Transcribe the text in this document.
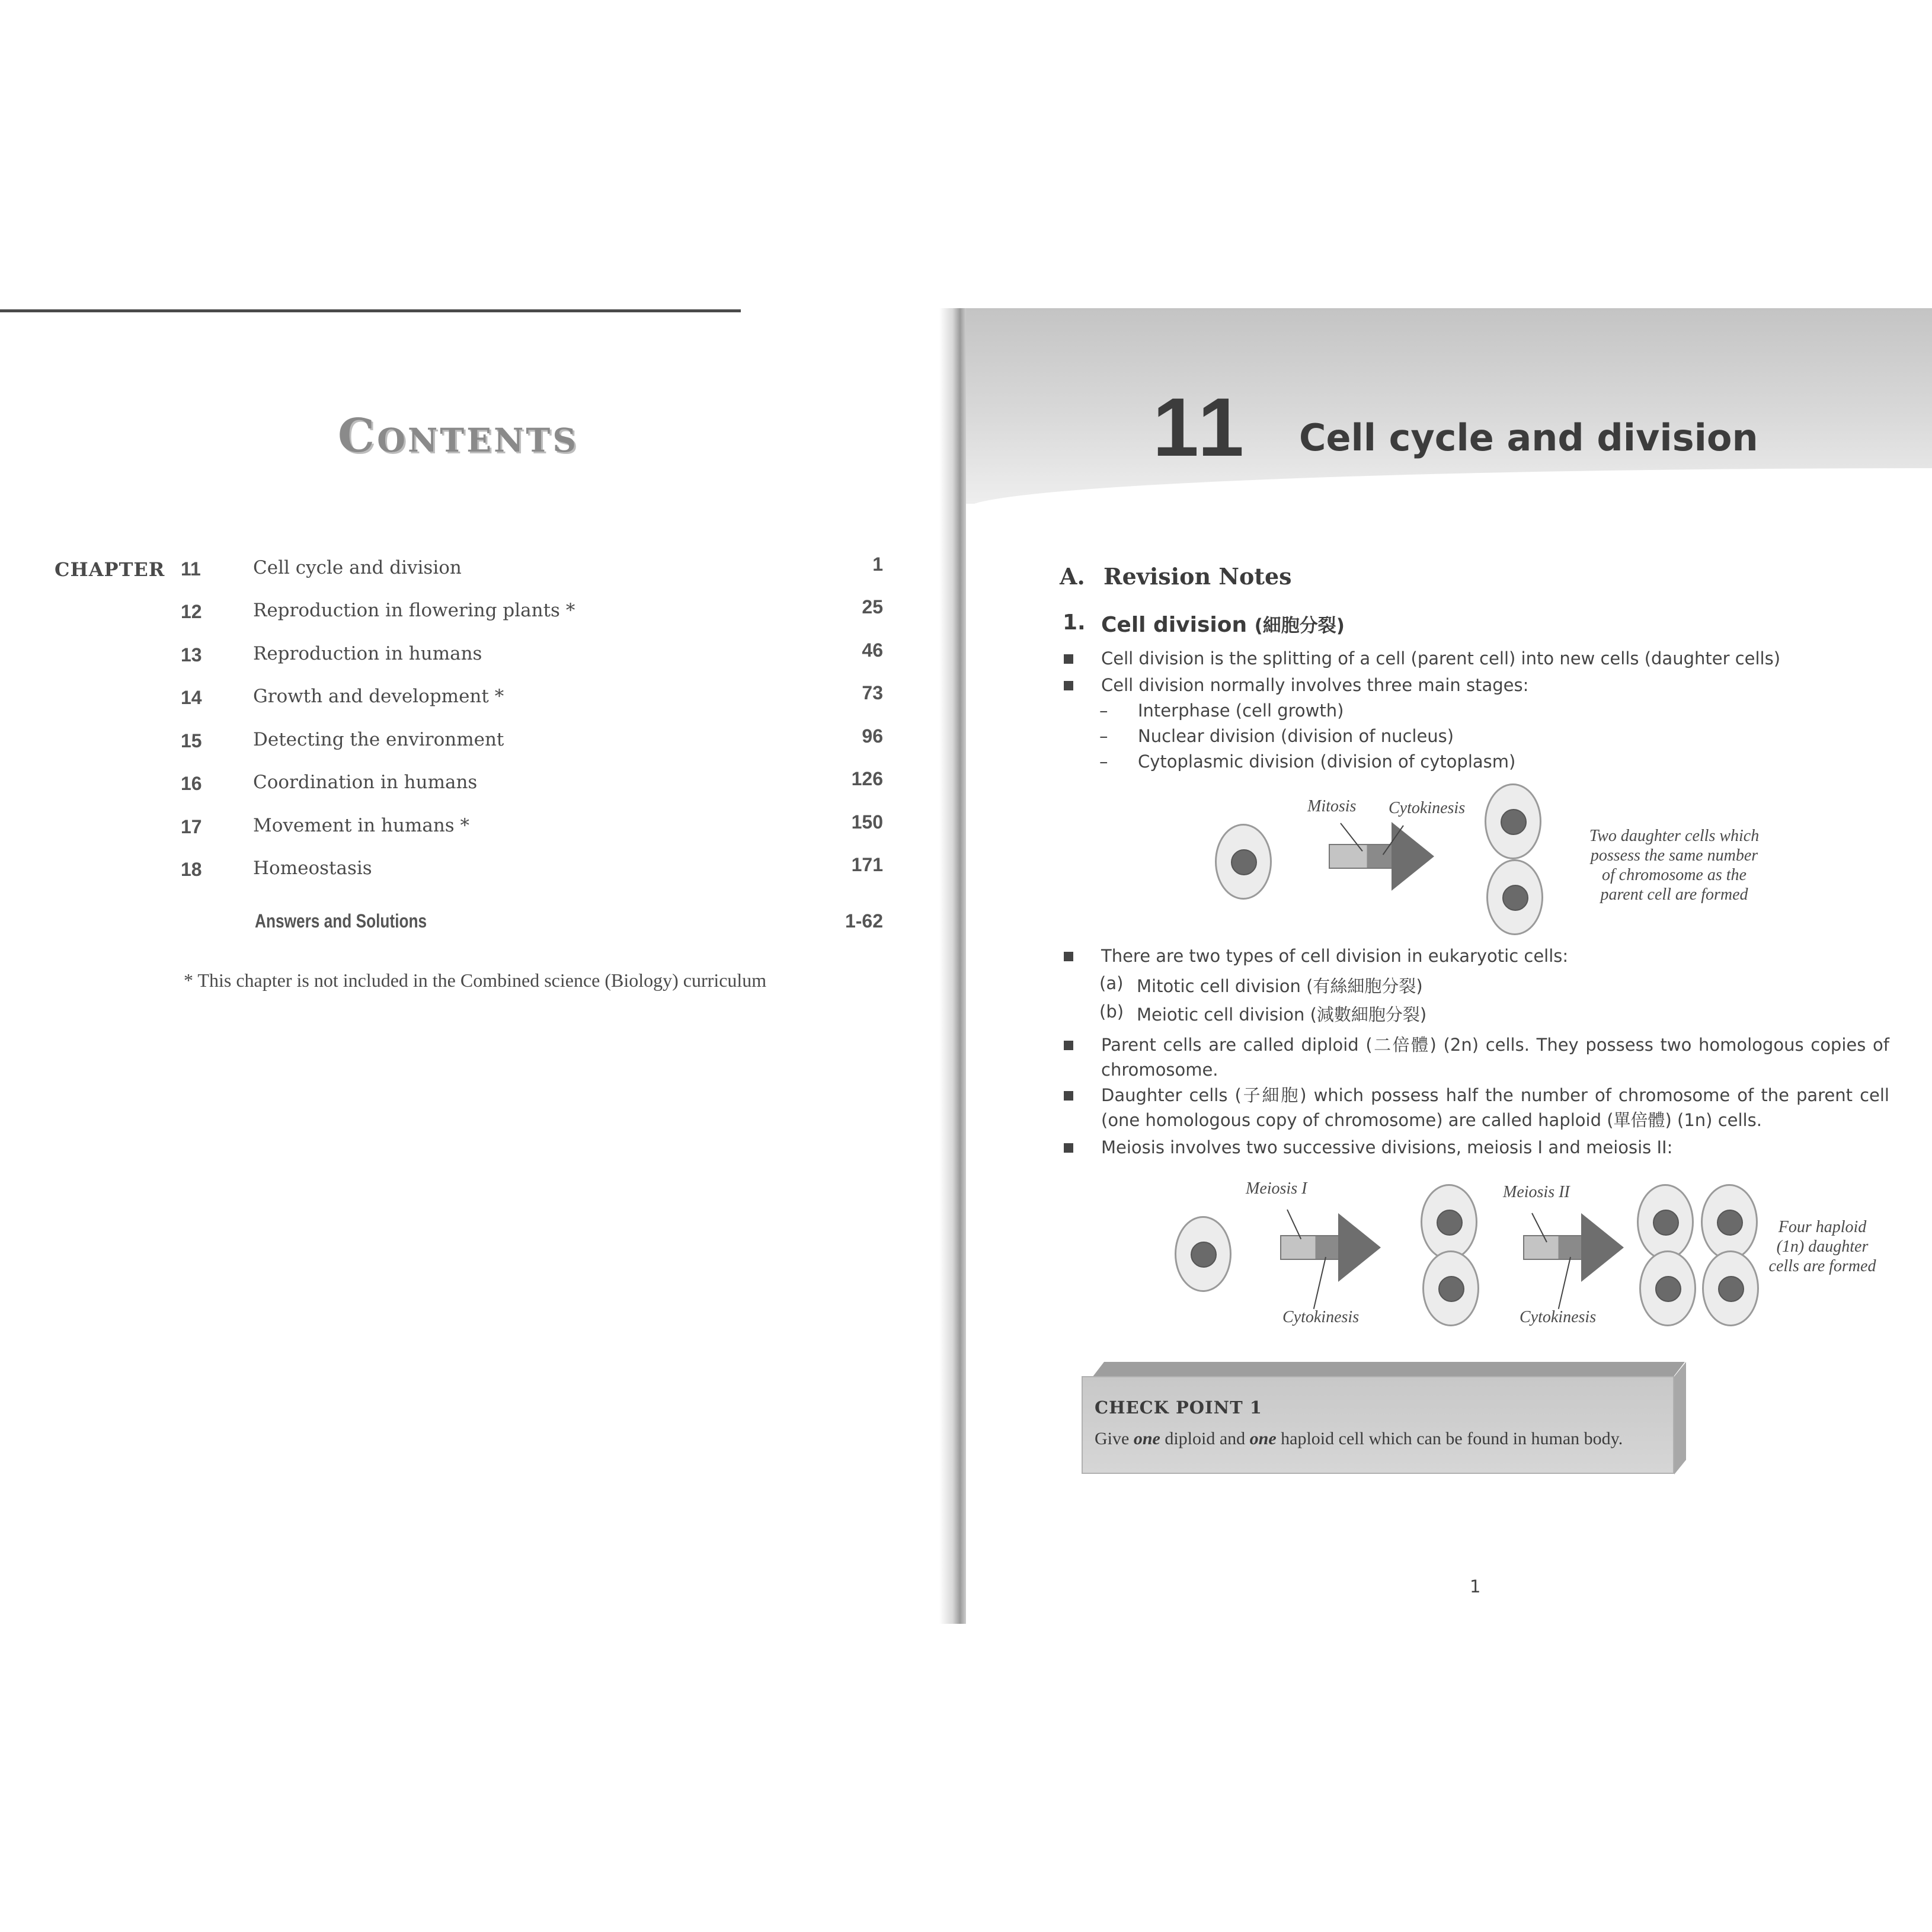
Contents
CHAPTER 11	Cell cycle and division	1
12	Reproduction in flowering plants *	25
13	Reproduction in humans	46
14	Growth and development *	73
15	Detecting the environment	96
16	Coordination in humans	126
17	Movement in humans *	150
18	Homeostasis	171
Answers and Solutions	1-62
* This chapter is not included in the Combined science (Biology) curriculum
11 Cell cycle and division
A. Revision Notes
1. Cell division (細胞分裂)
Cell division is the splitting of a cell (parent cell) into new cells (daughter cells)
Cell division normally involves three main stages:
– Interphase (cell growth)
– Nuclear division (division of nucleus)
– Cytoplasmic division (division of cytoplasm)
Mitosis Cytokinesis
Two daughter cells which
possess the same number
of chromosome as the
parent cell are formed
There are two types of cell division in eukaryotic cells:
(a) Mitotic cell division (有絲細胞分裂)
(b) Meiotic cell division (減數細胞分裂)
Parent cells are called diploid (二倍體) (2n) cells. They possess two homologous copies of chromosome.
Daughter cells (子細胞) which possess half the number of chromosome of the parent cell (one homologous copy of chromosome) are called haploid (單倍體) (1n) cells.
Meiosis involves two successive divisions, meiosis I and meiosis II:
Meiosis I
Cytokinesis
Meiosis II
Cytokinesis
Four haploid
(1n) daughter
cells are formed
CHECK POINT 1
Give one diploid and one haploid cell which can be found in human body.
1
